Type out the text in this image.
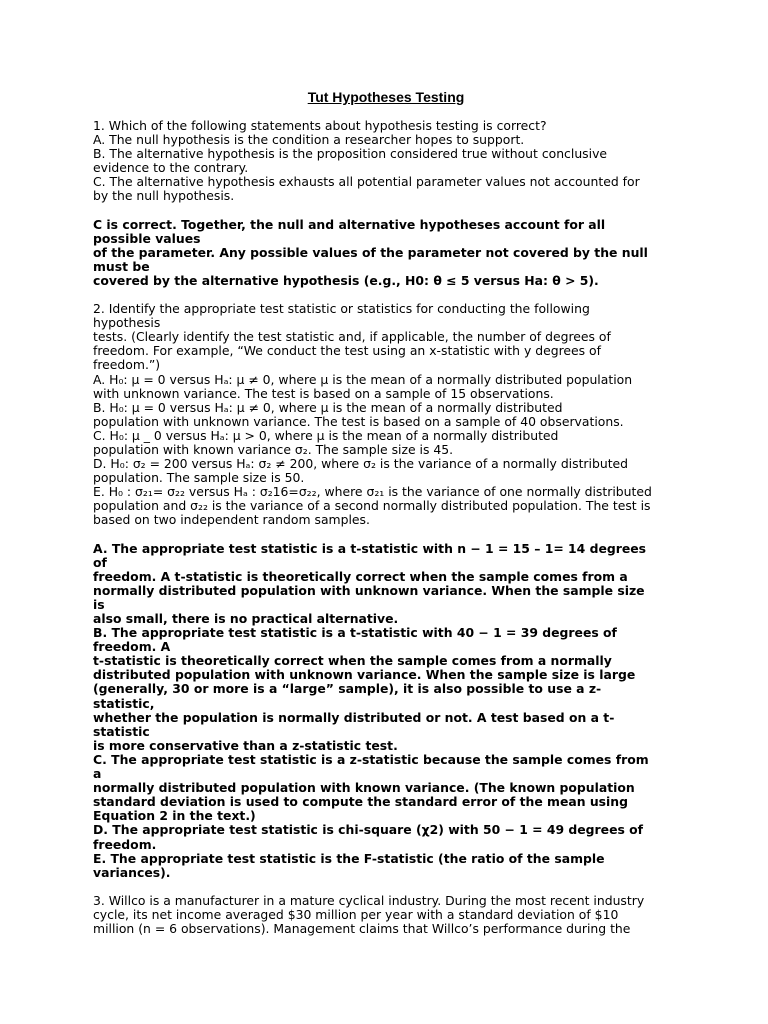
Tut Hypotheses Testing
1. Which of the following statements about hypothesis testing is correct?
A. The null hypothesis is the condition a researcher hopes to support.
B. The alternative hypothesis is the proposition considered true without conclusive
evidence to the contrary.
C. The alternative hypothesis exhausts all potential parameter values not accounted for
by the null hypothesis.
C is correct. Together, the null and alternative hypotheses account for all
possible values
of the parameter. Any possible values of the parameter not covered by the null
must be
covered by the alternative hypothesis (e.g., H0: θ ≤ 5 versus Ha: θ > 5).
2. Identify the appropriate test statistic or statistics for conducting the following
hypothesis
tests. (Clearly identify the test statistic and, if applicable, the number of degrees of
freedom. For example, “We conduct the test using an x-statistic with y degrees of
freedom.”)
A. H₀: μ = 0 versus Hₐ: μ ≠ 0, where μ is the mean of a normally distributed population
with unknown variance. The test is based on a sample of 15 observations.
B. H₀: μ = 0 versus Hₐ: μ ≠ 0, where μ is the mean of a normally distributed
population with unknown variance. The test is based on a sample of 40 observations.
C. H₀: μ _ 0 versus Hₐ: μ > 0, where μ is the mean of a normally distributed
population with known variance σ₂. The sample size is 45.
D. H₀: σ₂ = 200 versus Hₐ: σ₂ ≠ 200, where σ₂ is the variance of a normally distributed
population. The sample size is 50.
E. H₀ : σ₂₁= σ₂₂ versus Hₐ : σ₂16=σ₂₂, where σ₂₁ is the variance of one normally distributed
population and σ₂₂ is the variance of a second normally distributed population. The test is
based on two independent random samples.
A. The appropriate test statistic is a t-statistic with n − 1 = 15 – 1= 14 degrees
of
freedom. A t-statistic is theoretically correct when the sample comes from a
normally distributed population with unknown variance. When the sample size
is
also small, there is no practical alternative.
B. The appropriate test statistic is a t-statistic with 40 − 1 = 39 degrees of
freedom. A
t-statistic is theoretically correct when the sample comes from a normally
distributed population with unknown variance. When the sample size is large
(generally, 30 or more is a “large” sample), it is also possible to use a z-
statistic,
whether the population is normally distributed or not. A test based on a t-
statistic
is more conservative than a z-statistic test.
C. The appropriate test statistic is a z-statistic because the sample comes from
a
normally distributed population with known variance. (The known population
standard deviation is used to compute the standard error of the mean using
Equation 2 in the text.)
D. The appropriate test statistic is chi-square (χ2) with 50 − 1 = 49 degrees of
freedom.
E. The appropriate test statistic is the F-statistic (the ratio of the sample
variances).
3. Willco is a manufacturer in a mature cyclical industry. During the most recent industry
cycle, its net income averaged $30 million per year with a standard deviation of $10
million (n = 6 observations). Management claims that Willco’s performance during the
